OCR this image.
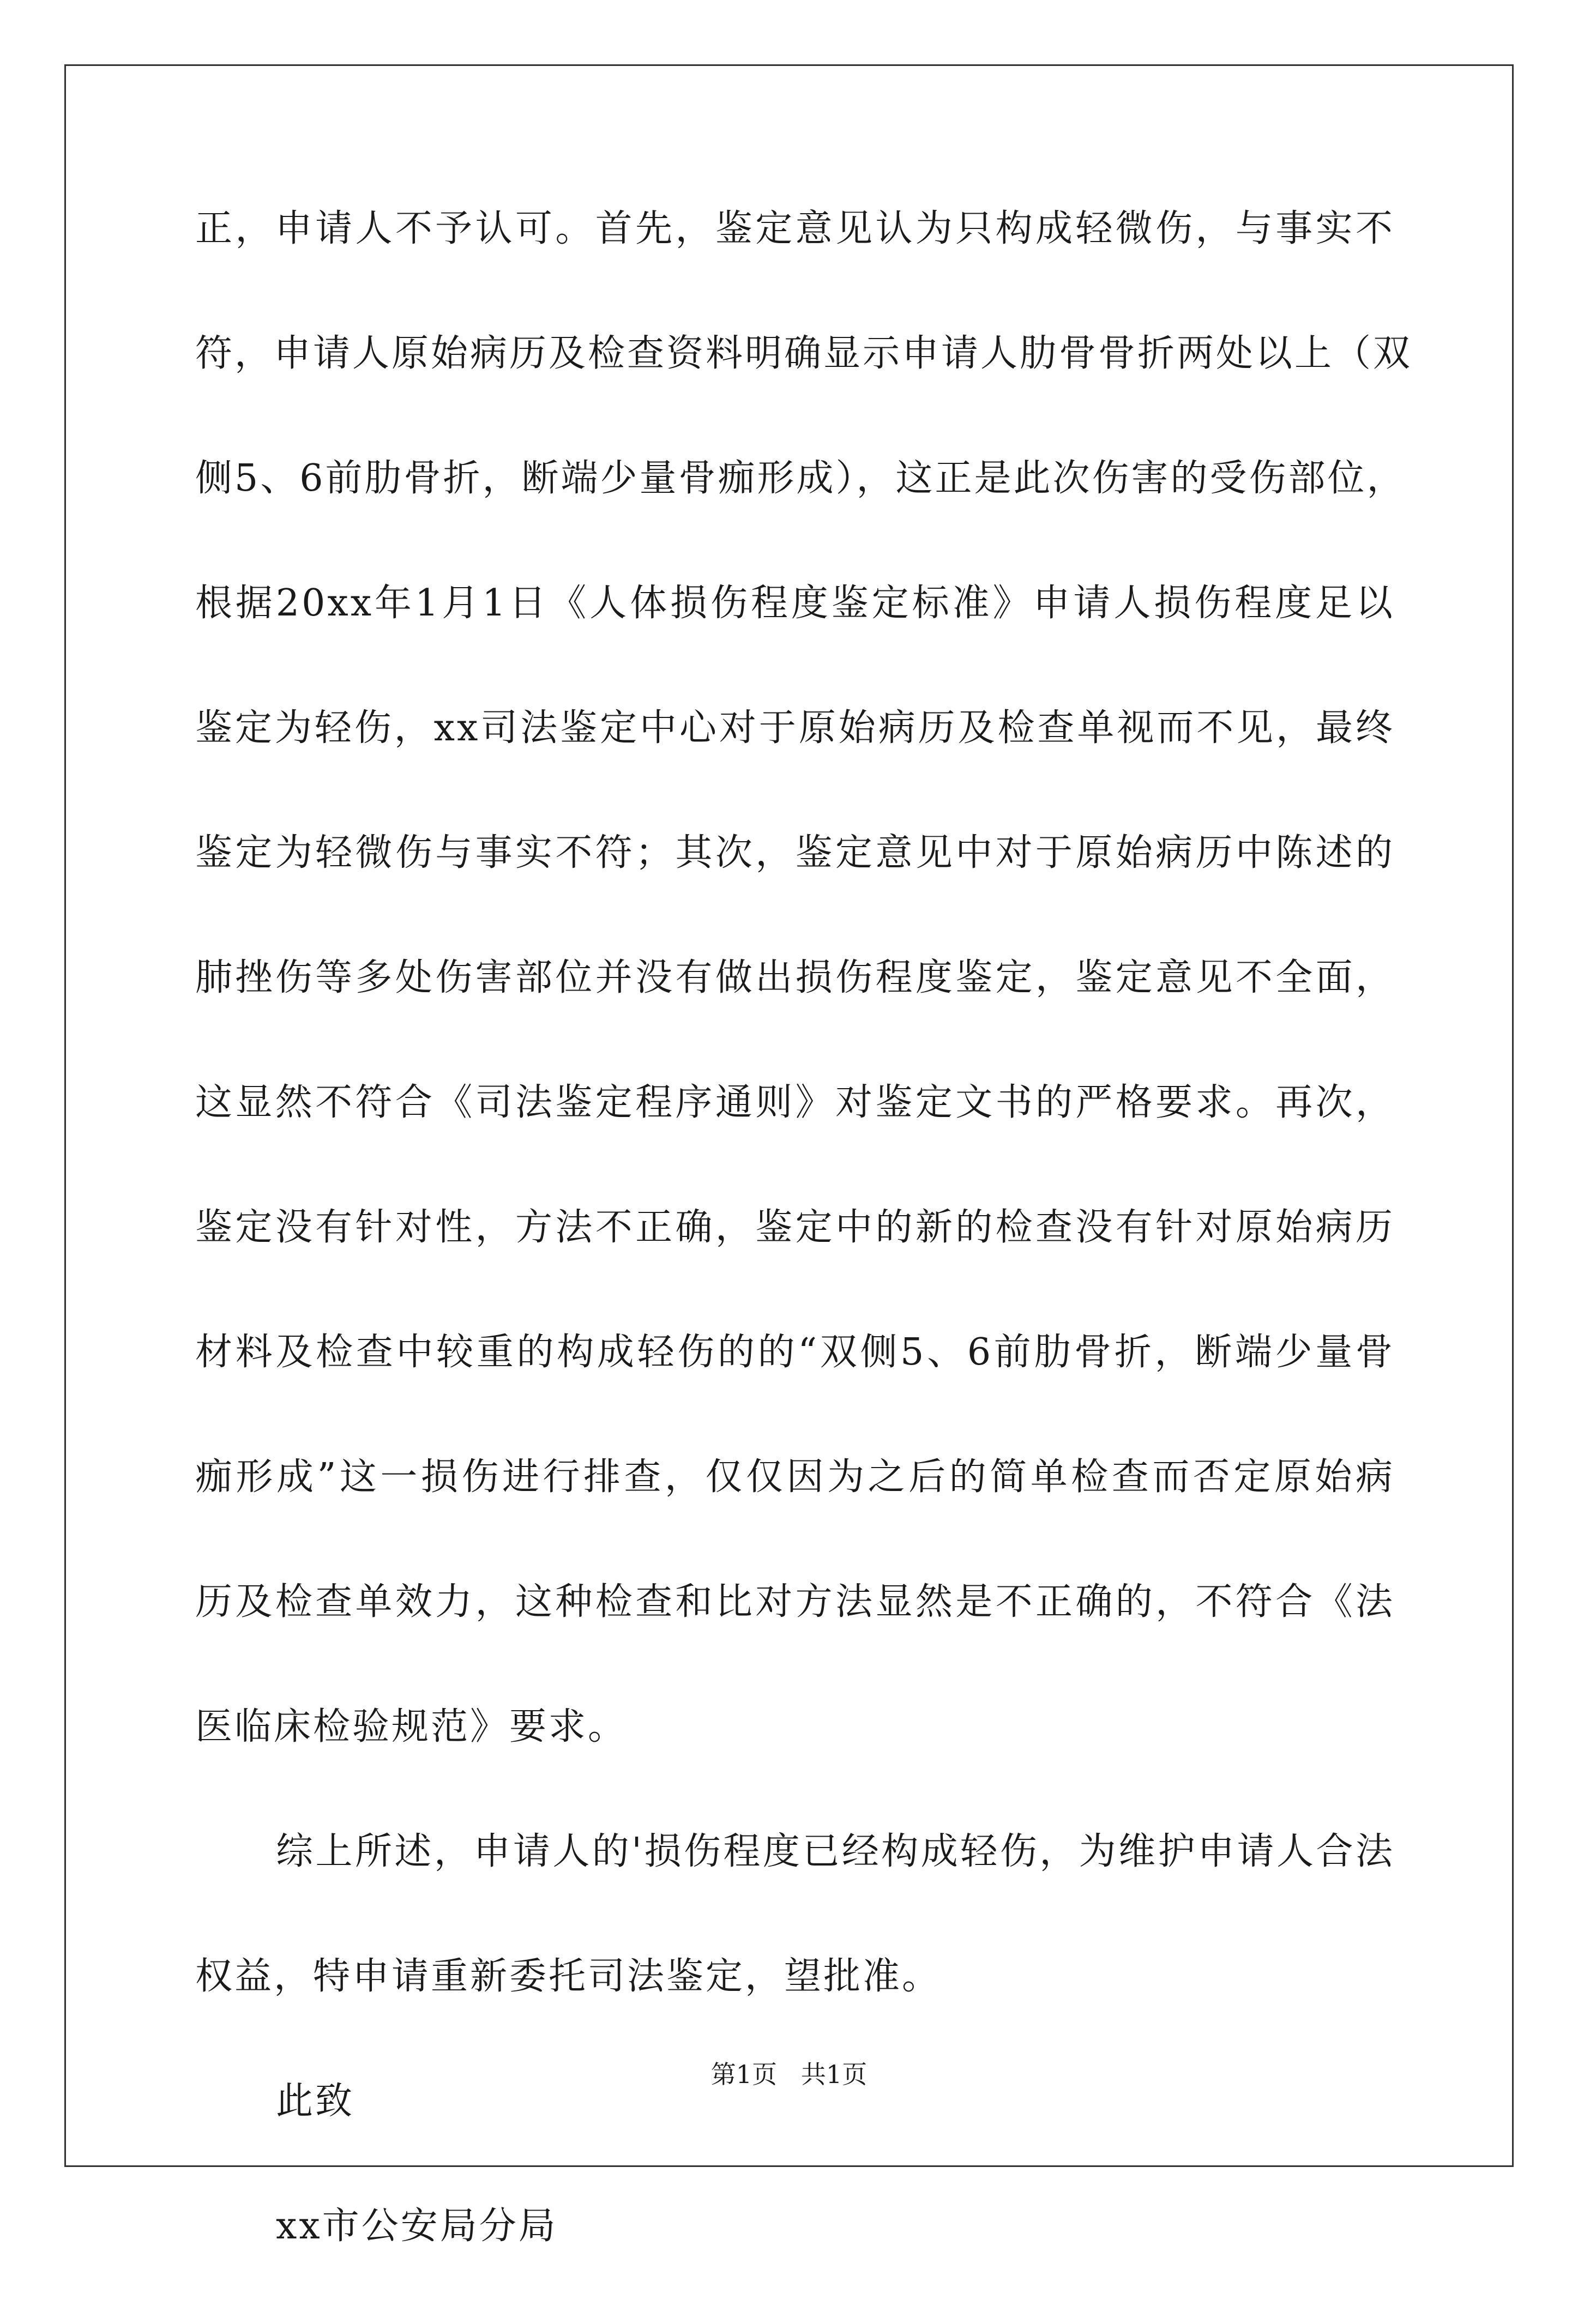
正，申请人不予认可。首先，鉴定意见认为只构成轻微伤，与事实不
符，申请人原始病历及检查资料明确显示申请人肋骨骨折两处以上（双
侧5、6前肋骨折，断端少量骨痂形成），这正是此次伤害的受伤部位，
根据20xx年1月1日《人体损伤程度鉴定标准》申请人损伤程度足以
鉴定为轻伤，xx司法鉴定中心对于原始病历及检查单视而不见，最终
鉴定为轻微伤与事实不符；其次，鉴定意见中对于原始病历中陈述的
肺挫伤等多处伤害部位并没有做出损伤程度鉴定，鉴定意见不全面，
这显然不符合《司法鉴定程序通则》对鉴定文书的严格要求。再次，
鉴定没有针对性，方法不正确，鉴定中的新的检查没有针对原始病历
材料及检查中较重的构成轻伤的的“双侧5、6前肋骨折，断端少量骨
痂形成”这一损伤进行排查，仅仅因为之后的简单检查而否定原始病
历及检查单效力，这种检查和比对方法显然是不正确的，不符合《法
医临床检验规范》要求。
综上所述，申请人的'损伤程度已经构成轻伤，为维护申请人合法
权益，特申请重新委托司法鉴定，望批准。
此致
xx市公安局分局
第1页   共1页
